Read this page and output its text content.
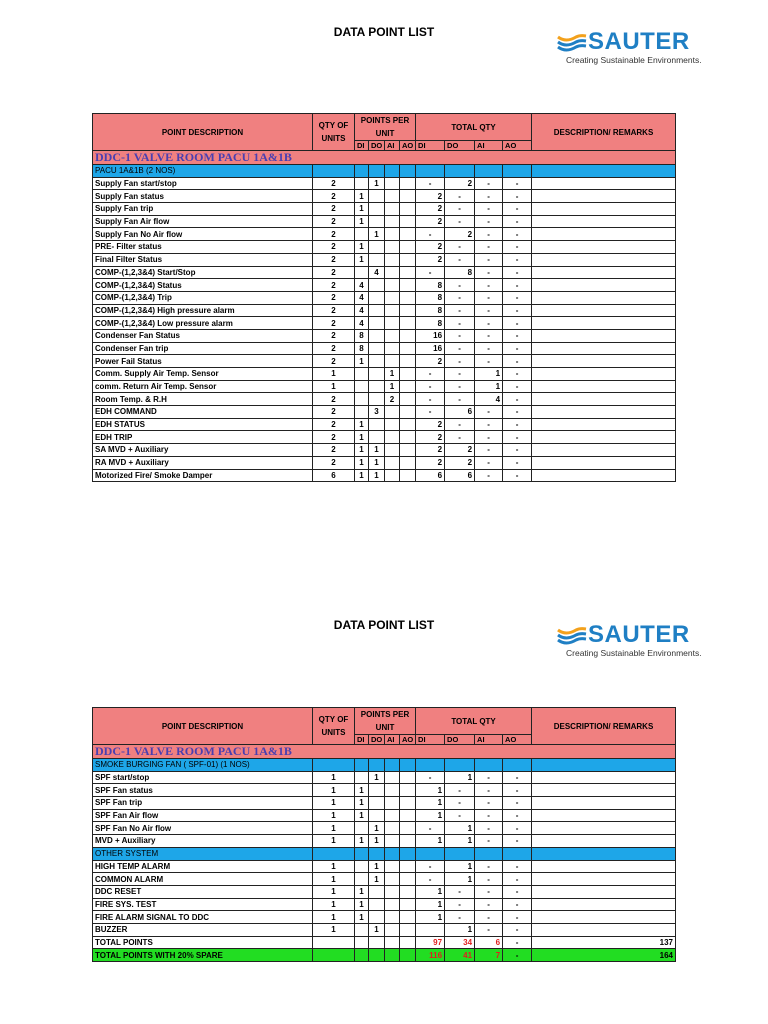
DATA POINT LIST	SAUTER
Creating Sustainable Environments.
POINT DESCRIPTION	QTY OF UNITS	POINTS PER UNIT				TOTAL QTY				DESCRIPTION/ REMARKS
		DI	DO	AI	AO	DI	DO	AI	AO	
DDC-1 VALVE ROOM PACU 1A&1B										
PACU 1A&1B (2 NOS)										
Supply Fan start/stop	2		1			-	2	-	-	
Supply Fan status	2	1				2	-	-	-	
Supply Fan trip	2	1				2	-	-	-	
Supply Fan Air flow	2	1				2	-	-	-	
Supply Fan No Air flow	2		1			-	2	-	-	
PRE- Filter status	2	1				2	-	-	-	
Final Filter Status	2	1				2	-	-	-	
COMP-(1,2,3&4) Start/Stop	2		4			-	8	-	-	
COMP-(1,2,3&4) Status	2	4				8	-	-	-	
COMP-(1,2,3&4) Trip	2	4				8	-	-	-	
COMP-(1,2,3&4) High pressure alarm	2	4				8	-	-	-	
COMP-(1,2,3&4) Low pressure alarm	2	4				8	-	-	-	
Condenser Fan Status	2	8				16	-	-	-	
Condenser Fan trip	2	8				16	-	-	-	
Power Fail Status	2	1				2	-	-	-	
Comm. Supply Air Temp. Sensor	1			1		-	-	1	-	
comm. Return Air Temp. Sensor	1			1		-	-	1	-	
Room Temp. & R.H	2			2		-	-	4	-	
EDH COMMAND	2		3			-	6	-	-	
EDH STATUS	2	1				2	-	-	-	
EDH TRIP	2	1				2	-	-	-	
SA MVD + Auxiliary	2	1	1			2	2	-	-	
RA MVD + Auxiliary	2	1	1			2	2	-	-	
Motorized Fire/ Smoke Damper	6	1	1			6	6	-	-	
DATA POINT LIST	SAUTER
Creating Sustainable Environments.
POINT DESCRIPTION	QTY OF UNITS	POINTS PER UNIT				TOTAL QTY				DESCRIPTION/ REMARKS
		DI	DO	AI	AO	DI	DO	AI	AO	
DDC-1 VALVE ROOM PACU 1A&1B										
SMOKE BURGING FAN ( SPF-01) (1 NOS)										
SPF start/stop	1		1			-	1	-	-	
SPF Fan status	1	1				1	-	-	-	
SPF Fan trip	1	1				1	-	-	-	
SPF Fan Air flow	1	1				1	-	-	-	
SPF Fan No Air flow	1		1			-	1	-	-	
MVD + Auxiliary	1	1	1			1	1	-	-	
OTHER SYSTEM										
HIGH TEMP ALARM	1		1			-	1	-	-	
COMMON ALARM	1		1			-	1	-	-	
DDC RESET	1	1				1	-	-	-	
FIRE SYS. TEST	1	1				1	-	-	-	
FIRE ALARM SIGNAL TO DDC	1	1				1	-	-	-	
BUZZER	1		1				1	-	-	
TOTAL POINTS						97	34	6	-	137
TOTAL POINTS WITH 20% SPARE						116	41	7	-	164
